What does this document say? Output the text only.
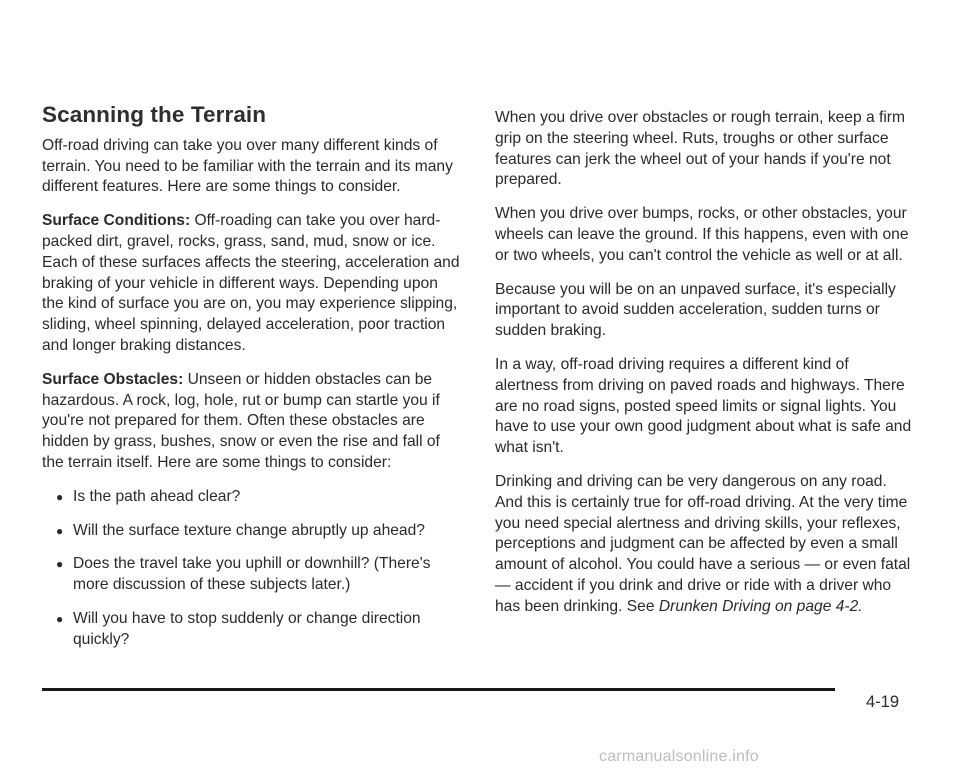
Scanning the Terrain

Off-road driving can take you over many different kinds of terrain. You need to be familiar with the terrain and its many different features. Here are some things to consider.

Surface Conditions: Off-roading can take you over hard-packed dirt, gravel, rocks, grass, sand, mud, snow or ice. Each of these surfaces affects the steering, acceleration and braking of your vehicle in different ways. Depending upon the kind of surface you are on, you may experience slipping, sliding, wheel spinning, delayed acceleration, poor traction and longer braking distances.

Surface Obstacles: Unseen or hidden obstacles can be hazardous. A rock, log, hole, rut or bump can startle you if you're not prepared for them. Often these obstacles are hidden by grass, bushes, snow or even the rise and fall of the terrain itself. Here are some things to consider:

● Is the path ahead clear?
● Will the surface texture change abruptly up ahead?
● Does the travel take you uphill or downhill? (There's more discussion of these subjects later.)
● Will you have to stop suddenly or change direction quickly?

When you drive over obstacles or rough terrain, keep a firm grip on the steering wheel. Ruts, troughs or other surface features can jerk the wheel out of your hands if you're not prepared.

When you drive over bumps, rocks, or other obstacles, your wheels can leave the ground. If this happens, even with one or two wheels, you can't control the vehicle as well or at all.

Because you will be on an unpaved surface, it's especially important to avoid sudden acceleration, sudden turns or sudden braking.

In a way, off-road driving requires a different kind of alertness from driving on paved roads and highways. There are no road signs, posted speed limits or signal lights. You have to use your own good judgment about what is safe and what isn't.

Drinking and driving can be very dangerous on any road. And this is certainly true for off-road driving. At the very time you need special alertness and driving skills, your reflexes, perceptions and judgment can be affected by even a small amount of alcohol. You could have a serious — or even fatal — accident if you drink and drive or ride with a driver who has been drinking. See Drunken Driving on page 4-2.

4-19
carmanualsonline.info
